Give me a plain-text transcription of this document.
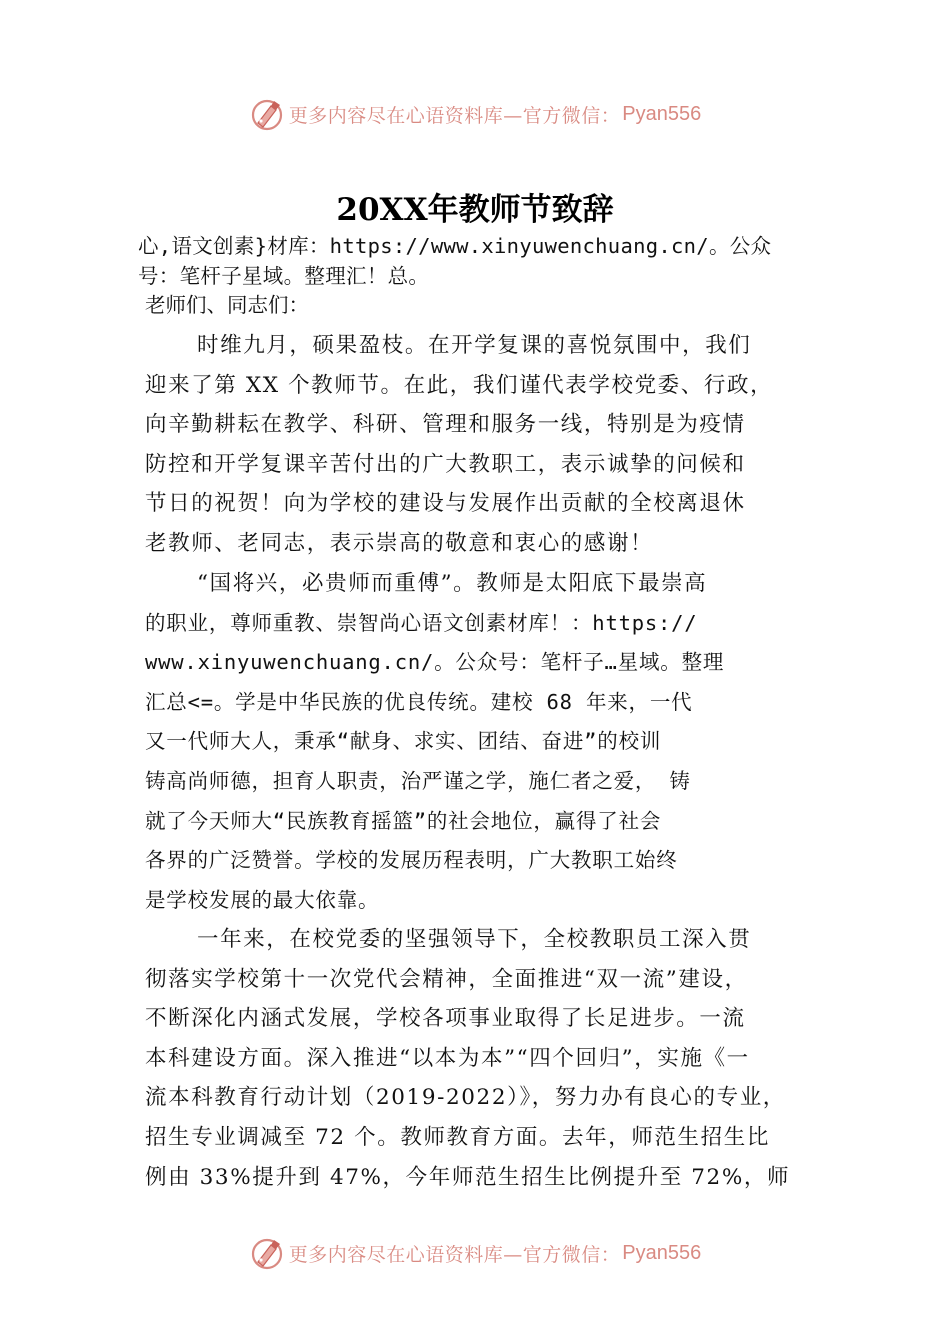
更多内容尽在心语资料库—官方微信： Pyan556
20XX年教师节致辞
心,语文创素}材库：https://www.xinyuwenchuang.cn/。公众
号：笔杆子星域。整理汇！总。
老师们、同志们：
时维九月，硕果盈枝。在开学复课的喜悦氛围中，我们
迎来了第 XX 个教师节。在此，我们谨代表学校党委、行政，
向辛勤耕耘在教学、科研、管理和服务一线，特别是为疫情
防控和开学复课辛苦付出的广大教职工，表示诚挚的问候和
节日的祝贺！向为学校的建设与发展作出贡献的全校离退休
老教师、老同志，表示崇高的敬意和衷心的感谢！
“国将兴，必贵师而重傅”。教师是太阳底下最崇高
的职业，尊师重教、崇智尚心语文创素材库！：https://
www.xinyuwenchuang.cn/。公众号：笔杆子…星域。整理
汇总<=。学是中华民族的优良传统。建校 68 年来，一代
又一代师大人，秉承“献身、求实、团结、奋进”的校训
铸高尚师德，担育人职责，治严谨之学，施仁者之爱， 铸
就了今天师大“民族教育摇篮”的社会地位，赢得了社会
各界的广泛赞誉。学校的发展历程表明，广大教职工始终
是学校发展的最大依靠。
一年来，在校党委的坚强领导下，全校教职员工深入贯
彻落实学校第十一次党代会精神，全面推进“双一流”建设，
不断深化内涵式发展，学校各项事业取得了长足进步。一流
本科建设方面。深入推进“以本为本”“四个回归”，实施《一
流本科教育行动计划（2019-2022）》，努力办有良心的专业，
招生专业调减至 72 个。教师教育方面。去年，师范生招生比
例由 33%提升到 47%，今年师范生招生比例提升至 72%，师
更多内容尽在心语资料库—官方微信： Pyan556
